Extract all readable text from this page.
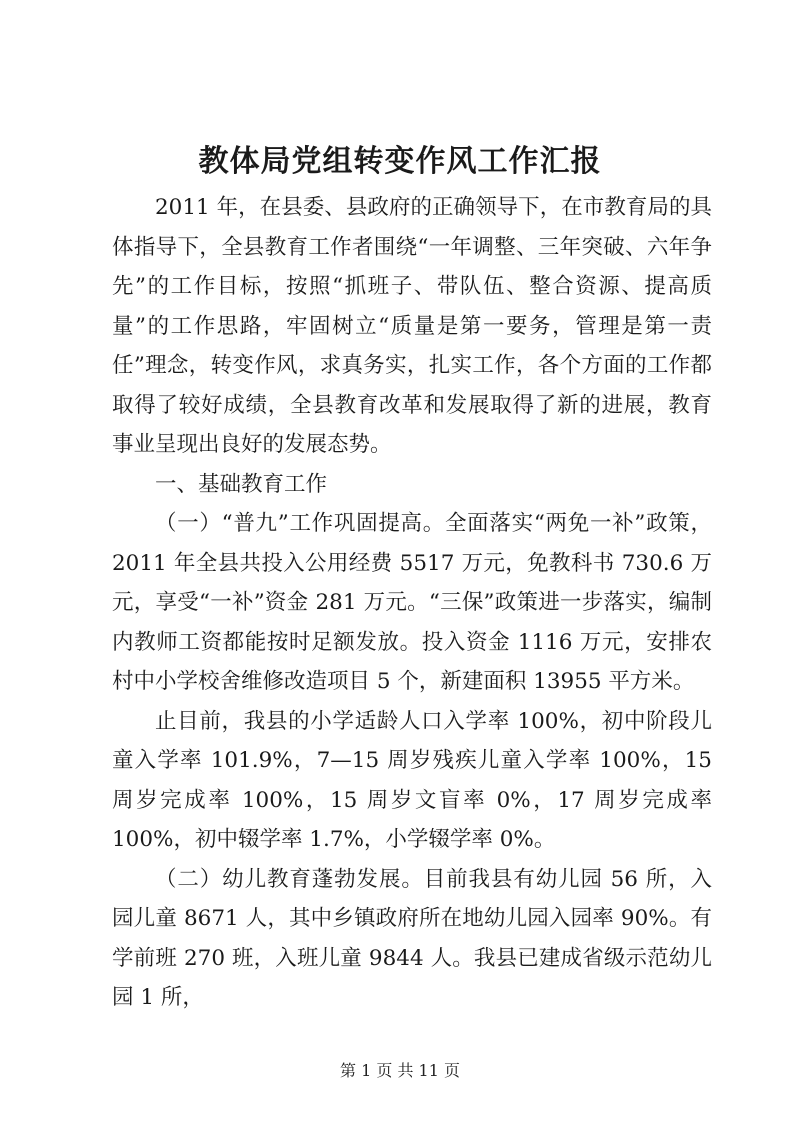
教体局党组转变作风工作汇报

2011 年，在县委、县政府的正确领导下，在市教育局的具体指导下，全县教育工作者围绕“一年调整、三年突破、六年争先”的工作目标，按照“抓班子、带队伍、整合资源、提高质量”的工作思路，牢固树立“质量是第一要务，管理是第一责任”理念，转变作风，求真务实，扎实工作，各个方面的工作都取得了较好成绩，全县教育改革和发展取得了新的进展，教育事业呈现出良好的发展态势。

一、基础教育工作

（一）“普九”工作巩固提高。全面落实“两免一补”政策，2011 年全县共投入公用经费 5517 万元，免教科书 730.6 万元，享受“一补”资金 281 万元。“三保”政策进一步落实，编制内教师工资都能按时足额发放。投入资金 1116 万元，安排农村中小学校舍维修改造项目 5 个，新建面积 13955 平方米。

止目前，我县的小学适龄人口入学率 100%，初中阶段儿童入学率 101.9%，7—15 周岁残疾儿童入学率 100%，15 周岁完成率 100%，15 周岁文盲率 0%，17 周岁完成率 100%，初中辍学率 1.7%，小学辍学率 0%。

（二）幼儿教育蓬勃发展。目前我县有幼儿园 56 所，入园儿童 8671 人，其中乡镇政府所在地幼儿园入园率 90%。有学前班 270 班，入班儿童 9844 人。我县已建成省级示范幼儿园 1 所，

第 1 页 共 11 页
